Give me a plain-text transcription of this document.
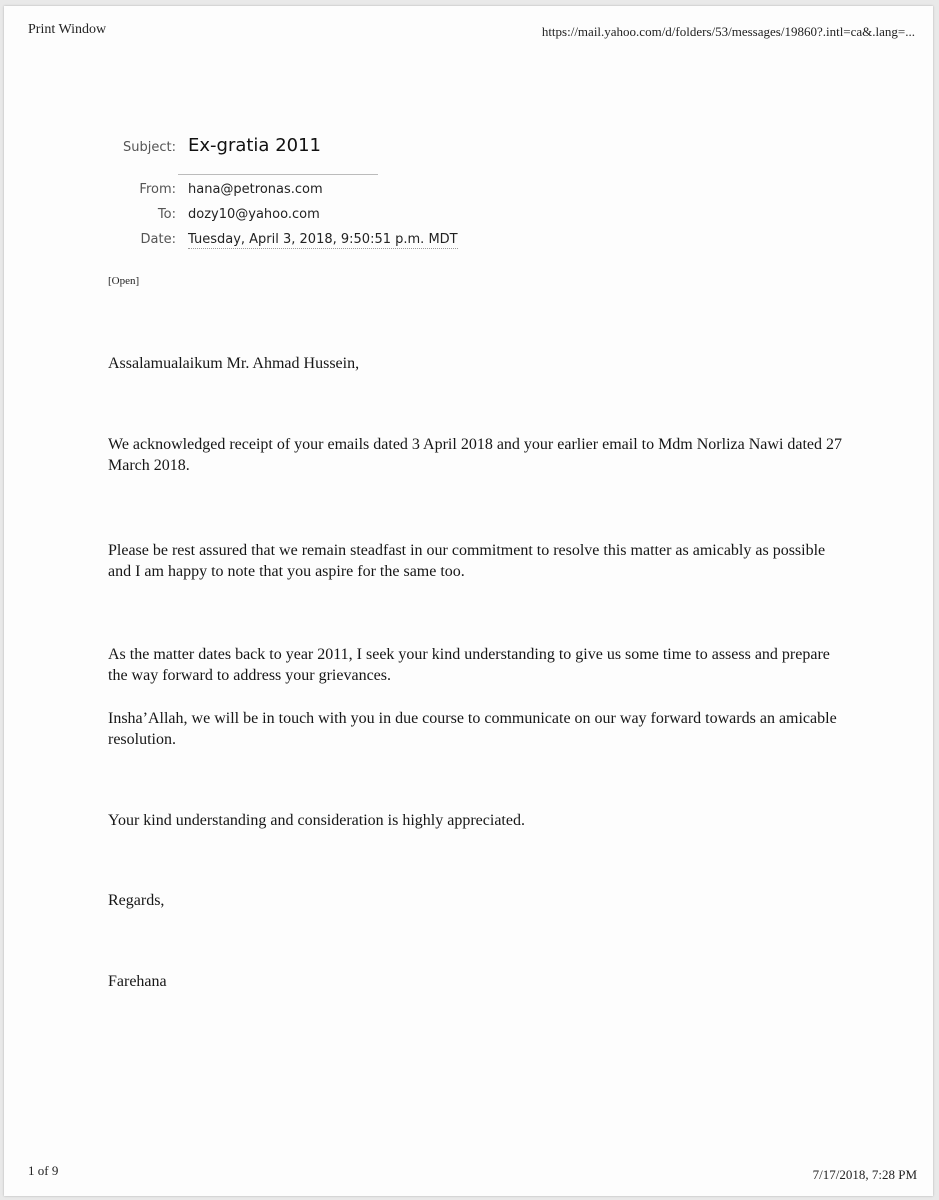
Print Window	https://mail.yahoo.com/d/folders/53/messages/19860?.intl=ca&.lang=...
Subject: Ex-gratia 2011
From: hana@petronas.com
To: dozy10@yahoo.com
Date: Tuesday, April 3, 2018, 9:50:51 p.m. MDT
[Open]
Assalamualaikum Mr. Ahmad Hussein,
We acknowledged receipt of your emails dated 3 April 2018 and your earlier email to Mdm Norliza Nawi dated 27 March 2018.
Please be rest assured that we remain steadfast in our commitment to resolve this matter as amicably as possible and I am happy to note that you aspire for the same too.
As the matter dates back to year 2011, I seek your kind understanding to give us some time to assess and prepare the way forward to address your grievances.
Insha’Allah, we will be in touch with you in due course to communicate on our way forward towards an amicable resolution.
Your kind understanding and consideration is highly appreciated.
Regards,
Farehana
1 of 9	7/17/2018, 7:28 PM
